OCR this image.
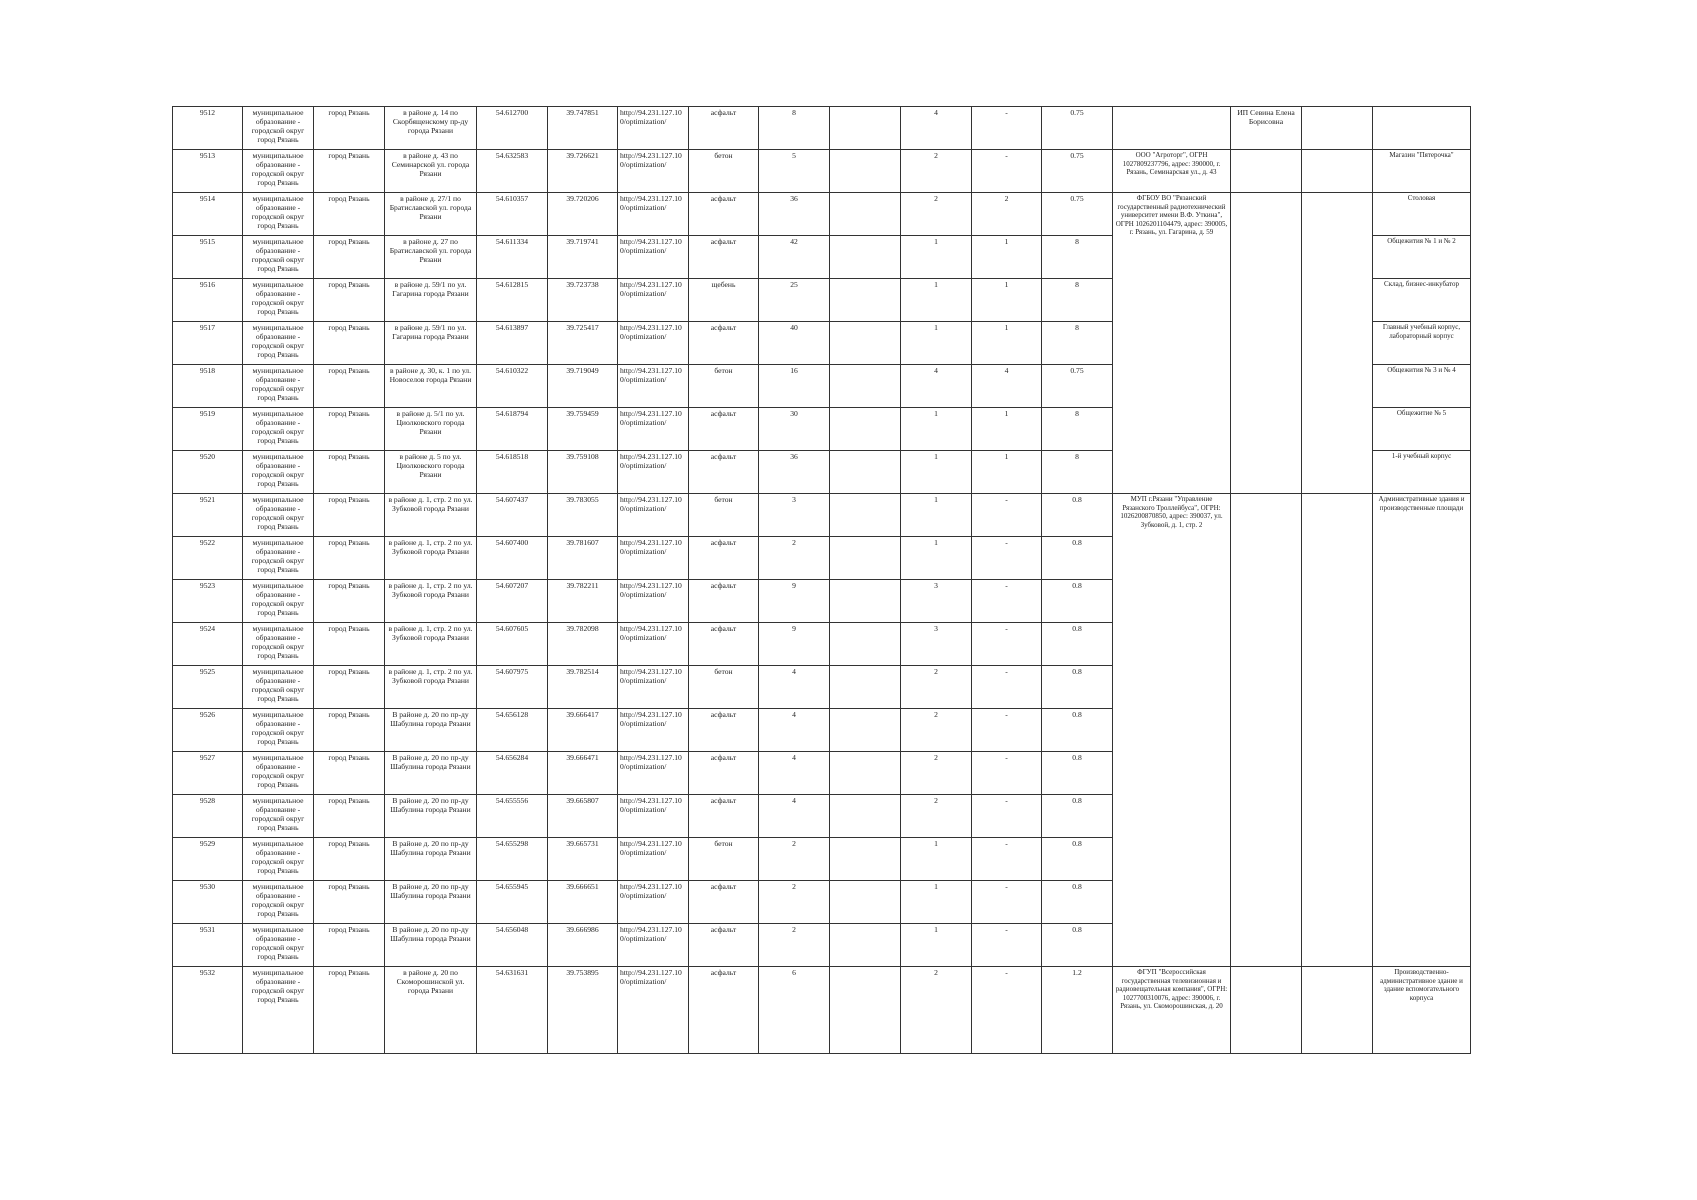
9512	муниципальное образование - городской округ город Рязань	город Рязань	в районе д. 14 по Скорбященскому пр-ду города Рязани	54.612700	39.747851	http://94.231.127.10 0/optimization/	асфальт	8		4	-	0.75		ИП Севина Елена Борисовна		
9513	муниципальное образование - городской округ город Рязань	город Рязань	в районе д. 43 по Семинарской ул. города Рязани	54.632583	39.726621	http://94.231.127.10 0/optimization/	бетон	5		2	-	0.75	ООО "Агроторг", ОГРН 1027809237796, адрес: 390000, г. Рязань, Семинарская ул., д. 43			Магазин "Пятерочка"
9514	муниципальное образование - городской округ город Рязань	город Рязань	в районе д. 27/1 по Братиславской ул. города Рязани	54.610357	39.720206	http://94.231.127.10 0/optimization/	асфальт	36		2	2	0.75	ФГБОУ ВО "Рязанский государственный радиотехнический университет имени В.Ф. Уткина", ОГРН 1026201104479, адрес: 390005, г. Рязань, ул. Гагарина, д. 59			Столовая
9515	муниципальное образование - городской округ город Рязань	город Рязань	в районе д. 27 по Братиславской ул. города Рязани	54.611334	39.719741	http://94.231.127.10 0/optimization/	асфальт	42		1	1	8				Общежития № 1 и № 2
9516	муниципальное образование - городской округ город Рязань	город Рязань	в районе д. 59/1 по ул. Гагарина города Рязани	54.612815	39.723738	http://94.231.127.10 0/optimization/	щебень	25		1	1	8				Склад, бизнес-инкубатор
9517	муниципальное образование - городской округ город Рязань	город Рязань	в районе д. 59/1 по ул. Гагарина города Рязани	54.613897	39.725417	http://94.231.127.10 0/optimization/	асфальт	40		1	1	8				Главный учебный корпус, лабораторный корпус
9518	муниципальное образование - городской округ город Рязань	город Рязань	в районе д. 30, к. 1 по ул. Новоселов города Рязани	54.610322	39.719049	http://94.231.127.10 0/optimization/	бетон	16		4	4	0.75				Общежития № 3 и № 4
9519	муниципальное образование - городской округ город Рязань	город Рязань	в районе д. 5/1 по ул. Циолковского города Рязани	54.618794	39.759459	http://94.231.127.10 0/optimization/	асфальт	30		1	1	8				Общежитие № 5
9520	муниципальное образование - городской округ город Рязань	город Рязань	в районе д. 5 по ул. Циолковского города Рязани	54.618518	39.759108	http://94.231.127.10 0/optimization/	асфальт	36		1	1	8				1-й учебный корпус
9521	муниципальное образование - городской округ город Рязань	город Рязань	в районе д. 1, стр. 2 по ул. Зубковой города Рязани	54.607437	39.783055	http://94.231.127.10 0/optimization/	бетон	3		1	-	0.8	МУП г.Рязани "Управление Рязанского Троллейбуса", ОГРН: 1026200870850, адрес: 390037, ул. Зубковой, д. 1, стр. 2			Административные здания и производственные площади
9522	муниципальное образование - городской округ город Рязань	город Рязань	в районе д. 1, стр. 2 по ул. Зубковой города Рязани	54.607400	39.781607	http://94.231.127.10 0/optimization/	асфальт	2		1	-	0.8				
9523	муниципальное образование - городской округ город Рязань	город Рязань	в районе д. 1, стр. 2 по ул. Зубковой города Рязани	54.607207	39.782211	http://94.231.127.10 0/optimization/	асфальт	9		3	-	0.8				
9524	муниципальное образование - городской округ город Рязань	город Рязань	в районе д. 1, стр. 2 по ул. Зубковой города Рязани	54.607605	39.782098	http://94.231.127.10 0/optimization/	асфальт	9		3	-	0.8				
9525	муниципальное образование - городской округ город Рязань	город Рязань	в районе д. 1, стр. 2 по ул. Зубковой города Рязани	54.607975	39.782514	http://94.231.127.10 0/optimization/	бетон	4		2	-	0.8				
9526	муниципальное образование - городской округ город Рязань	город Рязань	В районе д. 20 по пр-ду Шабулина города Рязани	54.656128	39.666417	http://94.231.127.10 0/optimization/	асфальт	4		2	-	0.8				
9527	муниципальное образование - городской округ город Рязань	город Рязань	В районе д. 20 по пр-ду Шабулина города Рязани	54.656284	39.666471	http://94.231.127.10 0/optimization/	асфальт	4		2	-	0.8				
9528	муниципальное образование - городской округ город Рязань	город Рязань	В районе д. 20 по пр-ду Шабулина города Рязани	54.655556	39.665807	http://94.231.127.10 0/optimization/	асфальт	4		2	-	0.8				
9529	муниципальное образование - городской округ город Рязань	город Рязань	В районе д. 20 по пр-ду Шабулина города Рязани	54.655298	39.665731	http://94.231.127.10 0/optimization/	бетон	2		1	-	0.8				
9530	муниципальное образование - городской округ город Рязань	город Рязань	В районе д. 20 по пр-ду Шабулина города Рязани	54.655945	39.666651	http://94.231.127.10 0/optimization/	асфальт	2		1	-	0.8				
9531	муниципальное образование - городской округ город Рязань	город Рязань	В районе д. 20 по пр-ду Шабулина города Рязани	54.656048	39.666986	http://94.231.127.10 0/optimization/	асфальт	2		1	-	0.8				
9532	муниципальное образование - городской округ город Рязань	город Рязань	в районе д. 20 по Скоморошинской ул. города Рязани	54.631631	39.753895	http://94.231.127.10 0/optimization/	асфальт	6		2	-	1.2	ФГУП "Всероссийская государственная телевизионная и радиовещательная компания", ОГРН: 1027700310076, адрес: 390006, г. Рязань, ул. Скоморошинская, д. 20			Производственно-административное здание и здание вспомогательного корпуса
